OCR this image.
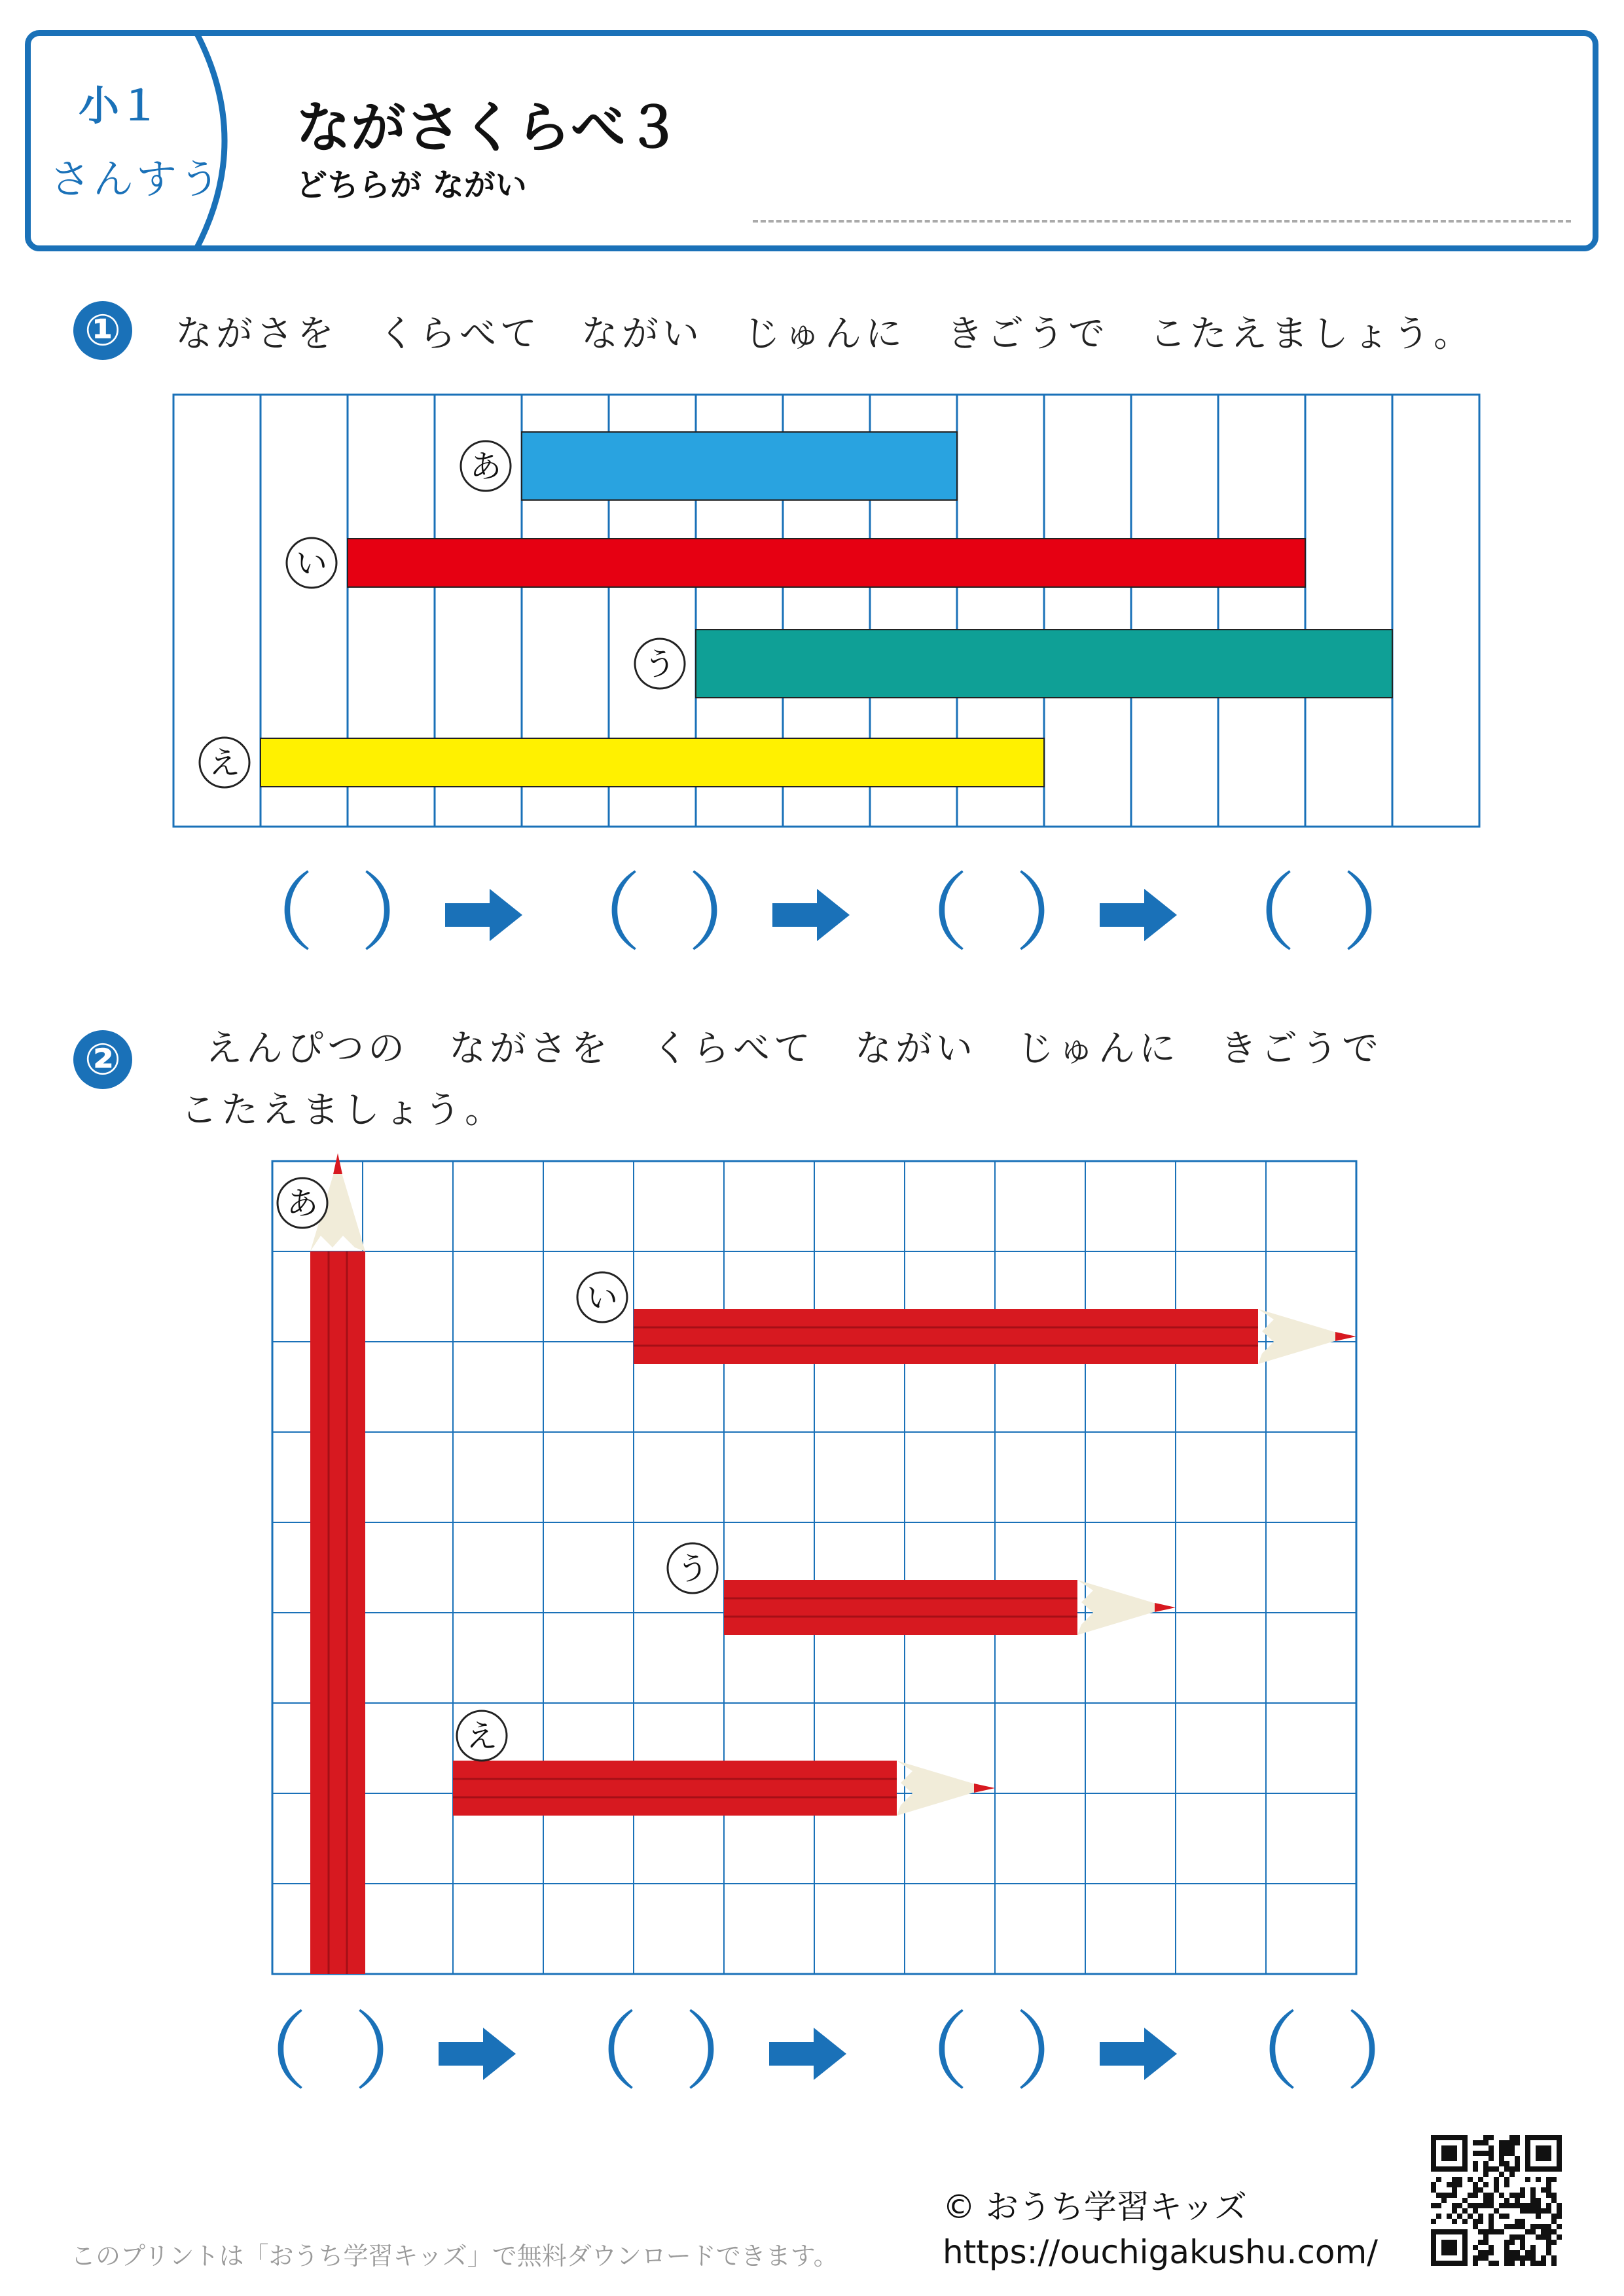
小１
さんすう
ながさくらべ３
どちらが ながい
①	ながさを　くらべて　ながい　じゅんに　きごうで　こたえましょう。
あ
い
う
え
（ ） （ ） （ ） （ ）
②	えんぴつの　ながさを　くらべて　ながい　じゅんに　きごうで
こたえましょう。
あ
い
う
え
（ ） （ ） （ ） （ ）
このプリントは「おうち学習キッズ」で無料ダウンロードできます。
© おうち学習キッズ
https://ouchigakushu.com/
